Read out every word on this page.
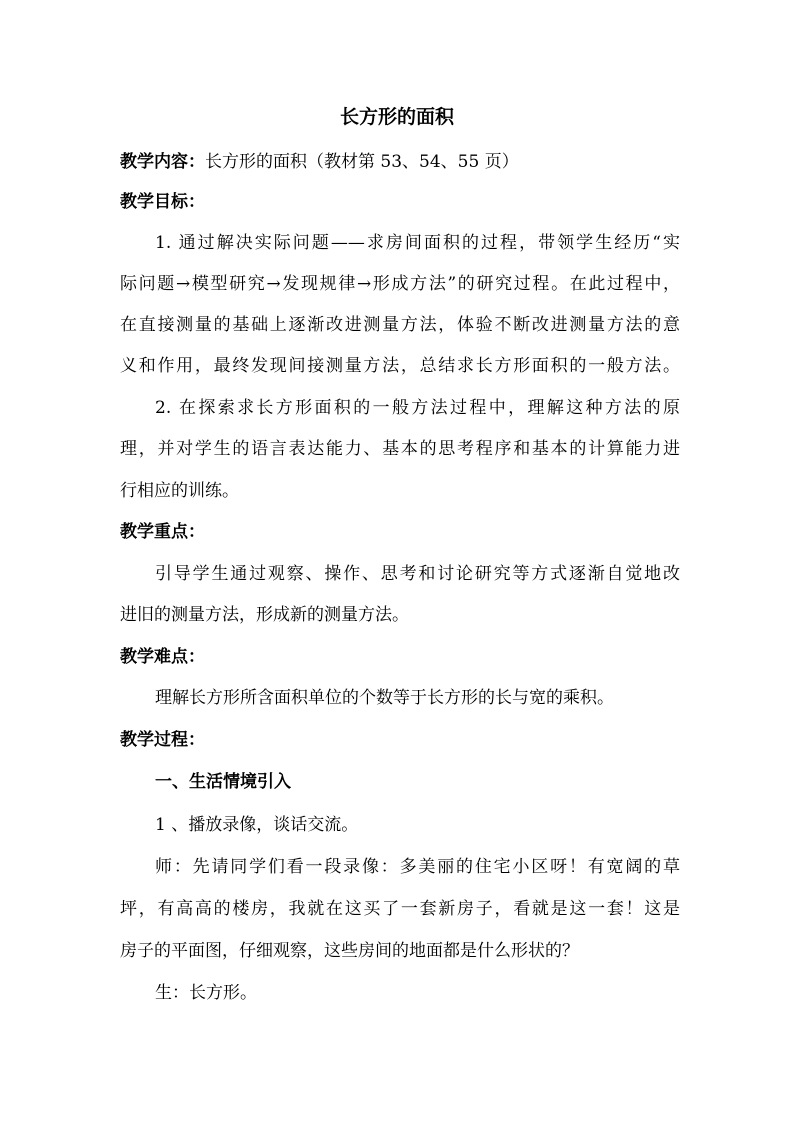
长方形的面积
教学内容：长方形的面积（教材第 53、54、55 页）
教学目标：
1. 通过解决实际问题——求房间面积的过程，带领学生经历“实
际问题→模型研究→发现规律→形成方法”的研究过程。在此过程中，
在直接测量的基础上逐渐改进测量方法，体验不断改进测量方法的意
义和作用，最终发现间接测量方法，总结求长方形面积的一般方法。
2. 在探索求长方形面积的一般方法过程中，理解这种方法的原
理，并对学生的语言表达能力、基本的思考程序和基本的计算能力进
行相应的训练。
教学重点：
引导学生通过观察、操作、思考和讨论研究等方式逐渐自觉地改
进旧的测量方法，形成新的测量方法。
教学难点：
理解长方形所含面积单位的个数等于长方形的长与宽的乘积。
教学过程：
一、生活情境引入
1 、播放录像，谈话交流。
师：先请同学们看一段录像：多美丽的住宅小区呀！有宽阔的草
坪，有高高的楼房，我就在这买了一套新房子，看就是这一套！这是
房子的平面图，仔细观察，这些房间的地面都是什么形状的？
生：长方形。
